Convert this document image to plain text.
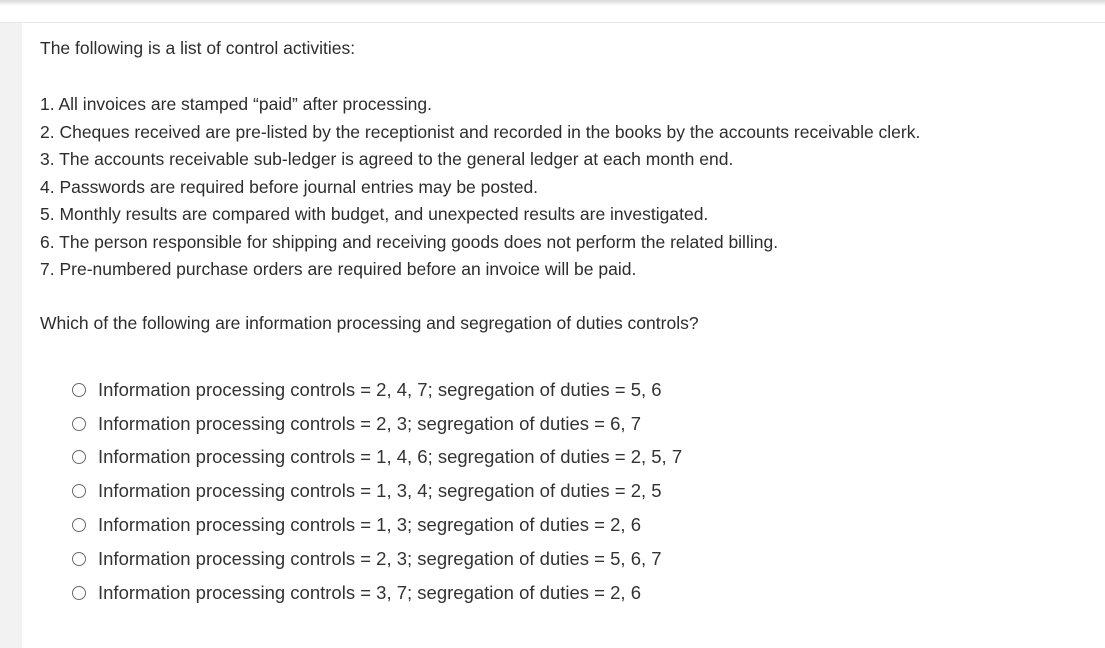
The following is a list of control activities:

1. All invoices are stamped “paid” after processing.
2. Cheques received are pre-listed by the receptionist and recorded in the books by the accounts receivable clerk.
3. The accounts receivable sub-ledger is agreed to the general ledger at each month end.
4. Passwords are required before journal entries may be posted.
5. Monthly results are compared with budget, and unexpected results are investigated.
6. The person responsible for shipping and receiving goods does not perform the related billing.
7. Pre-numbered purchase orders are required before an invoice will be paid.

Which of the following are information processing and segregation of duties controls?

Information processing controls = 2, 4, 7; segregation of duties = 5, 6
Information processing controls = 2, 3; segregation of duties = 6, 7
Information processing controls = 1, 4, 6; segregation of duties = 2, 5, 7
Information processing controls = 1, 3, 4; segregation of duties = 2, 5
Information processing controls = 1, 3; segregation of duties = 2, 6
Information processing controls = 2, 3; segregation of duties = 5, 6, 7
Information processing controls = 3, 7; segregation of duties = 2, 6
